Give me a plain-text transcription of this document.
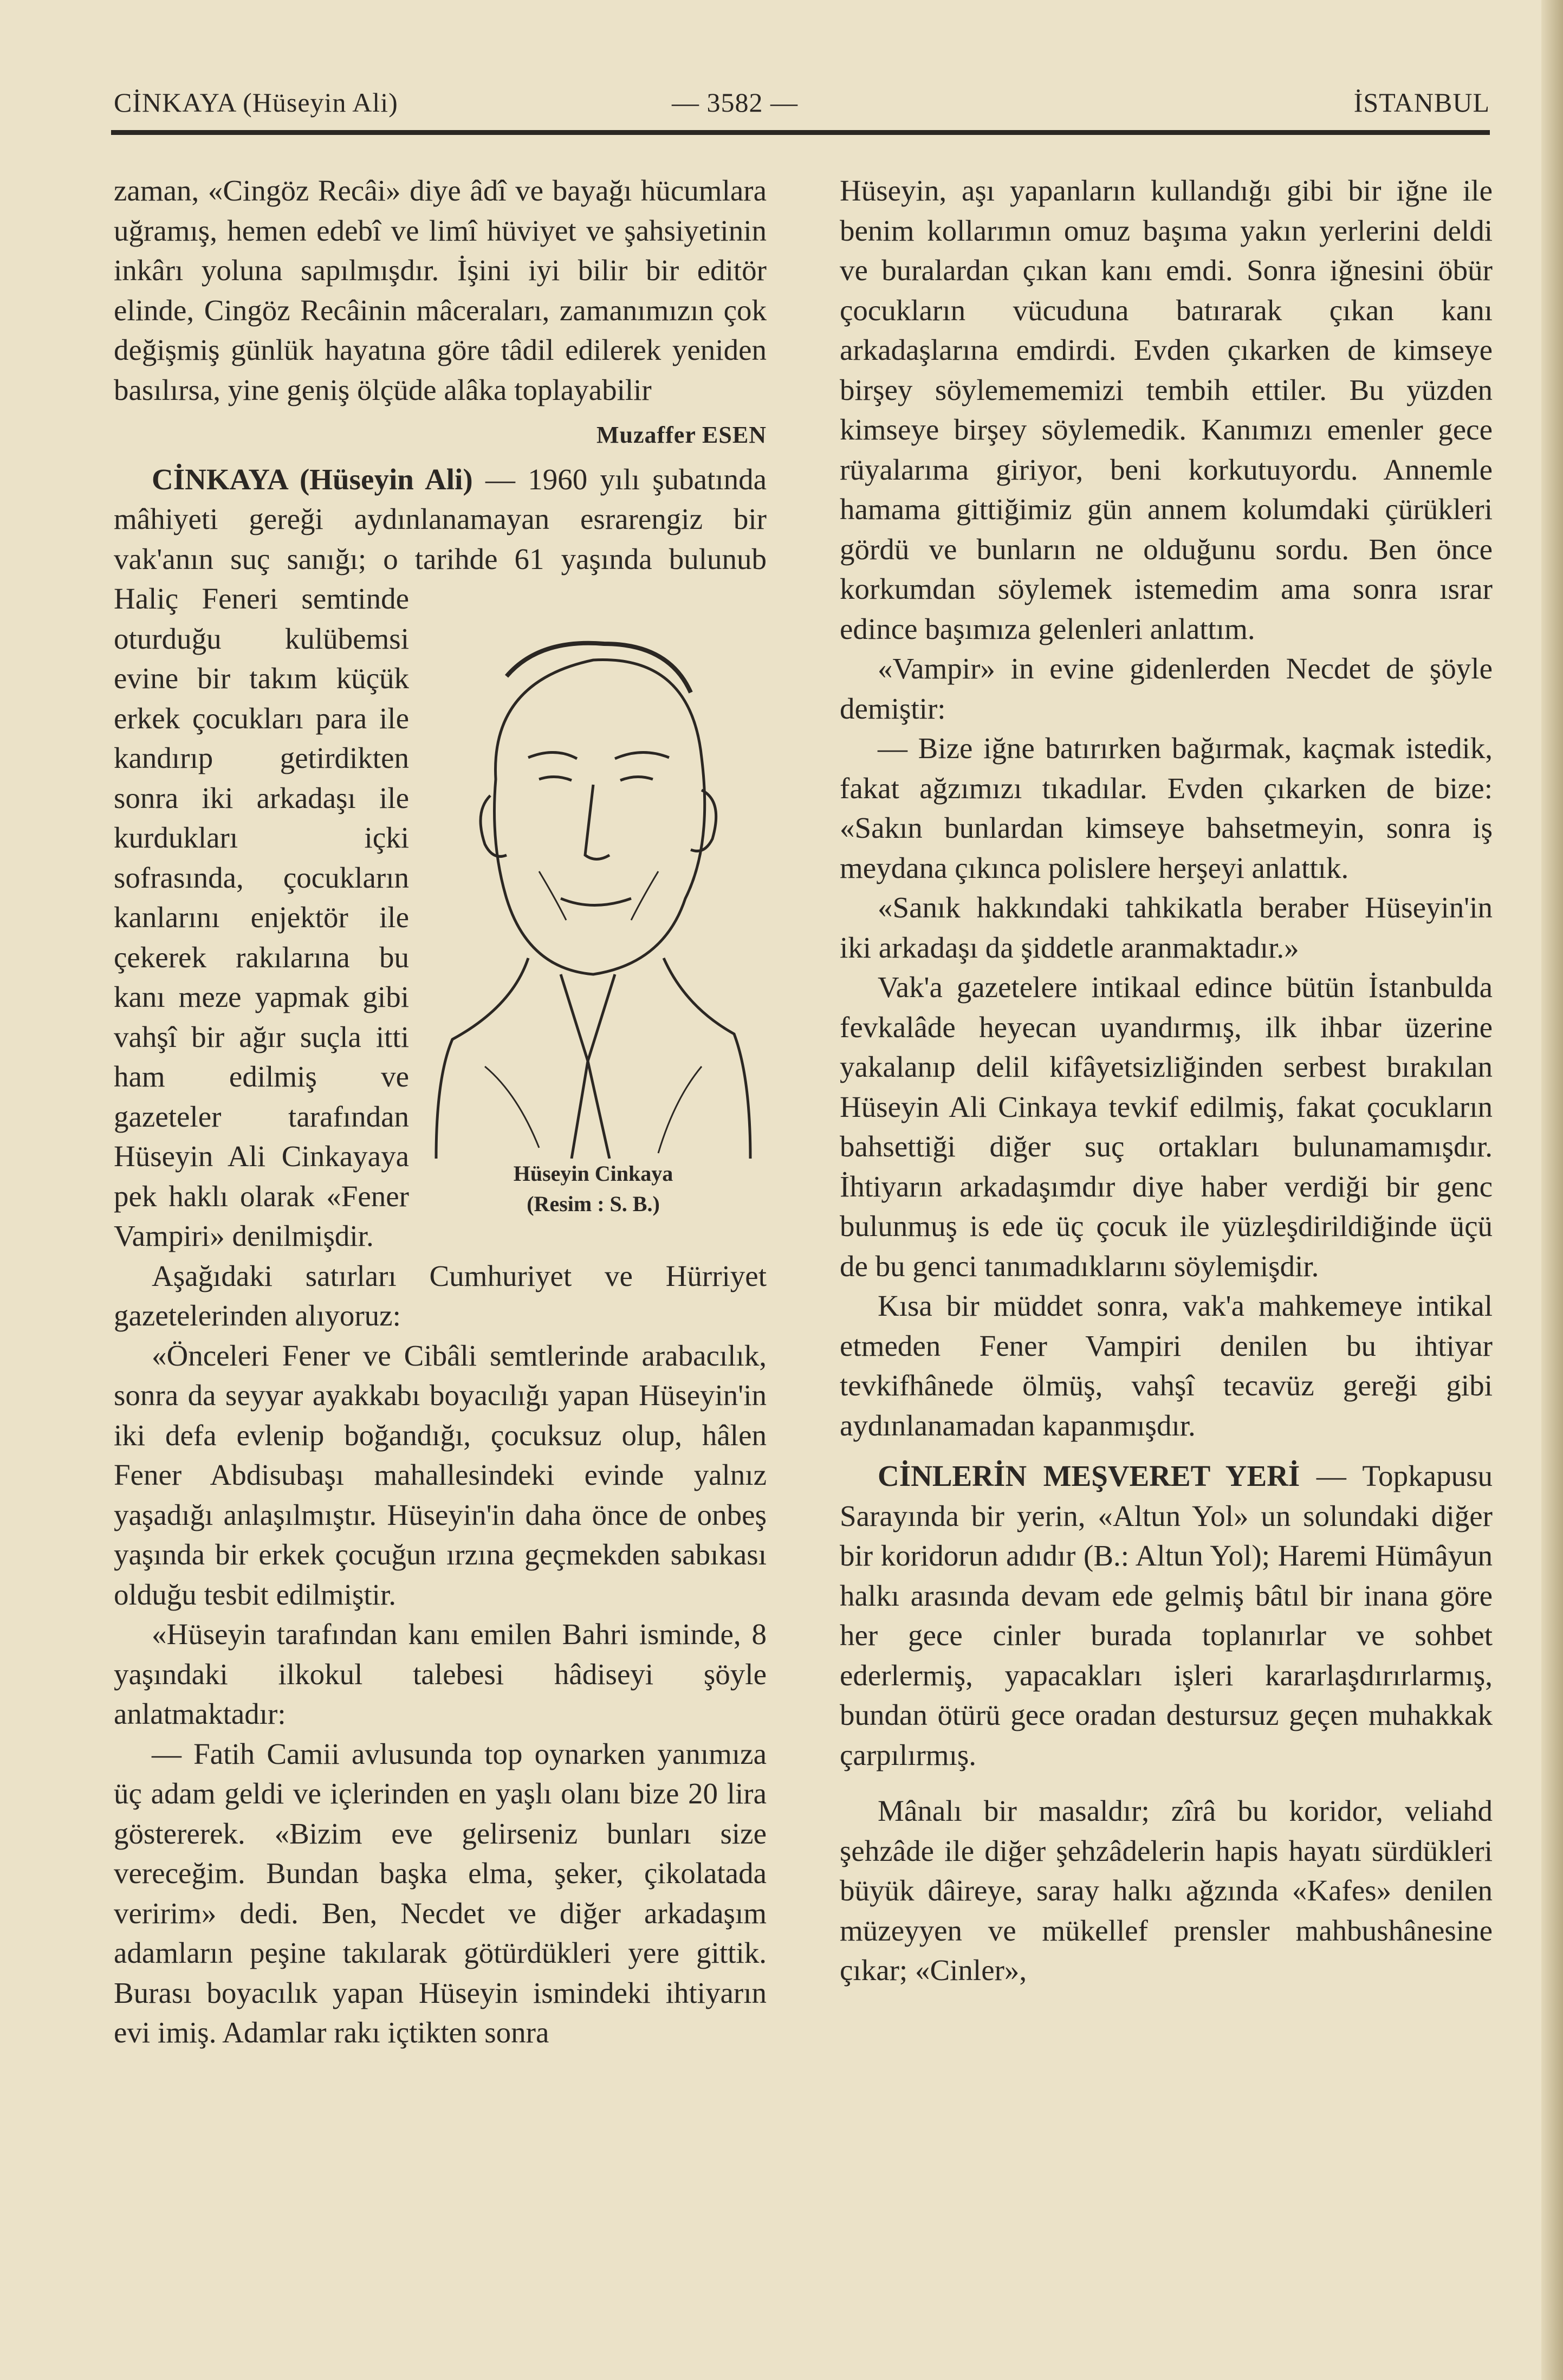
CİNKAYA (Hüseyin Ali)	— 3582 —	İSTANBUL

zaman, «Cingöz Recâi» diye âdî ve bayağı hücumlara uğramış, hemen edebî ve limî hüviyet ve şahsiyetinin inkârı yoluna sapılmışdır. İşini iyi bilir bir editör elinde, Cingöz Recâinin mâceraları, zamanımızın çok değişmiş günlük hayatına göre tâdil edilerek yeniden basılırsa, yine geniş ölçüde alâka toplayabilir

Muzaffer ESEN

Hüseyin Cinkaya
(Resim : S. B.)
CİNKAYA (Hüseyin Ali) — 1960 yılı şubatında mâhiyeti gereği aydınlanamayan esrarengiz bir vak'anın suç sanığı; o tarihde 61 yaşında bulunub Haliç Feneri semtinde oturduğu kulübemsi evine bir takım küçük erkek çocukları para ile kandırıp getirdikten sonra iki arkadaşı ile kurdukları içki sofrasında, çocukların kanlarını enjektör ile çekerek rakılarına bu kanı meze yapmak gibi vahşî bir ağır suçla itti ham edilmiş ve gazeteler tarafından Hüseyin Ali Cinkayaya pek haklı olarak «Fener Vampiri» denilmişdir.

Aşağıdaki satırları Cumhuriyet ve Hürriyet gazetelerinden alıyoruz:

«Önceleri Fener ve Cibâli semtlerinde arabacılık, sonra da seyyar ayakkabı boyacılığı yapan Hüseyin'in iki defa evlenip boğandığı, çocuksuz olup, hâlen Fener Abdisubaşı mahallesindeki evinde yalnız yaşadığı anlaşılmıştır. Hüseyin'in daha önce de onbeş yaşında bir erkek çocuğun ırzına geçmekden sabıkası olduğu tesbit edilmiştir.

«Hüseyin tarafından kanı emilen Bahri isminde, 8 yaşındaki ilkokul talebesi hâdiseyi şöyle anlatmaktadır:

— Fatih Camii avlusunda top oynarken yanımıza üç adam geldi ve içlerinden en yaşlı olanı bize 20 lira göstererek. «Bizim eve gelirseniz bunları size vereceğim. Bundan başka elma, şeker, çikolatada veririm» dedi. Ben, Necdet ve diğer arkadaşım adamların peşine takılarak götürdükleri yere gittik. Burası boyacılık yapan Hüseyin ismindeki ihtiyarın evi imiş. Adamlar rakı içtikten sonra

Hüseyin, aşı yapanların kullandığı gibi bir iğne ile benim kollarımın omuz başıma yakın yerlerini deldi ve buralardan çıkan kanı emdi. Sonra iğnesini öbür çocukların vücuduna batırarak çıkan kanı arkadaşlarına emdirdi. Evden çıkarken de kimseye birşey söylemememizi tembih ettiler. Bu yüzden kimseye birşey söylemedik. Kanımızı emenler gece rüyalarıma giriyor, beni korkutuyordu. Annemle hamama gittiğimiz gün annem kolumdaki çürükleri gördü ve bunların ne olduğunu sordu. Ben önce korkumdan söylemek istemedim ama sonra ısrar edince başımıza gelenleri anlattım.

«Vampir» in evine gidenlerden Necdet de şöyle demiştir:

— Bize iğne batırırken bağırmak, kaçmak istedik, fakat ağzımızı tıkadılar. Evden çıkarken de bize: «Sakın bunlardan kimseye bahsetmeyin, sonra iş meydana çıkınca polislere herşeyi anlattık.

«Sanık hakkındaki tahkikatla beraber Hüseyin'in iki arkadaşı da şiddetle aranmaktadır.»

Vak'a gazetelere intikaal edince bütün İstanbulda fevkalâde heyecan uyandırmış, ilk ihbar üzerine yakalanıp delil kifâyetsizliğinden serbest bırakılan Hüseyin Ali Cinkaya tevkif edilmiş, fakat çocukların bahsettiği diğer suç ortakları bulunamamışdır. İhtiyarın arkadaşımdır diye haber verdiği bir genc bulunmuş is ede üç çocuk ile yüzleşdirildiğinde üçü de bu genci tanımadıklarını söylemişdir.

Kısa bir müddet sonra, vak'a mahkemeye intikal etmeden Fener Vampiri denilen bu ihtiyar tevkifhânede ölmüş, vahşî tecavüz gereği gibi aydınlanamadan kapanmışdır.

CİNLERİN MEŞVERET YERİ — Topkapusu Sarayında bir yerin, «Altun Yol» un solundaki diğer bir koridorun adıdır (B.: Altun Yol); Haremi Hümâyun halkı arasında devam ede gelmiş bâtıl bir inana göre her gece cinler burada toplanırlar ve sohbet ederlermiş, yapacakları işleri kararlaşdırırlarmış, bundan ötürü gece oradan destursuz geçen muhakkak çarpılırmış.

Mânalı bir masaldır; zîrâ bu koridor, veliahd şehzâde ile diğer şehzâdelerin hapis hayatı sürdükleri büyük dâireye, saray halkı ağzında «Kafes» denilen müzeyyen ve mükellef prensler mahbushânesine çıkar; «Cinler»,
